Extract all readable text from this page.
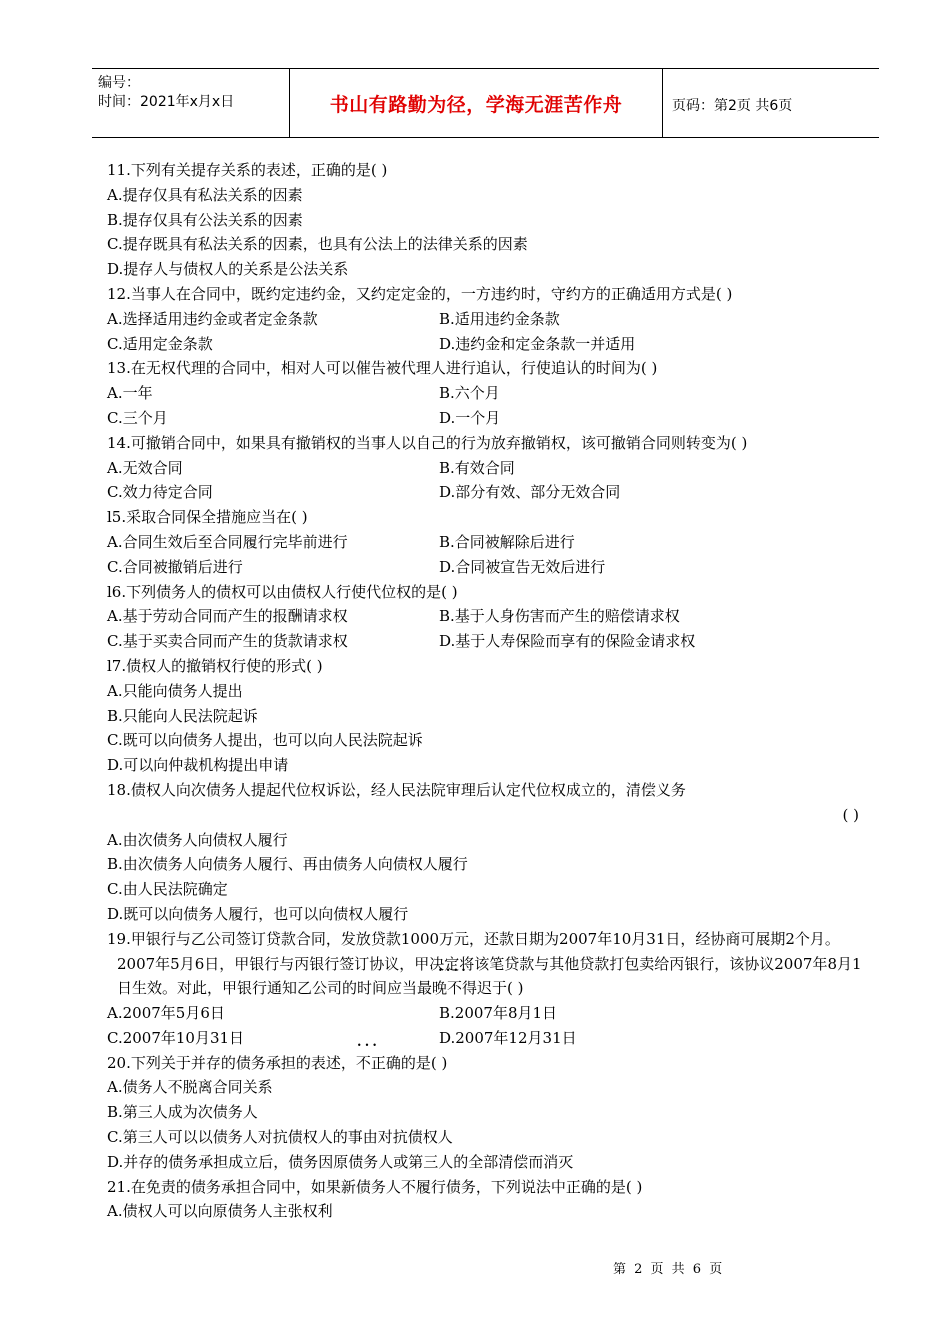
编号：
时间：2021年x月x日	书山有路勤为径，学海无涯苦作舟	页码：第2页 共6页
11.下列有关提存关系的表述，正确的是( )
A.提存仅具有私法关系的因素
B.提存仅具有公法关系的因素
C.提存既具有私法关系的因素，也具有公法上的法律关系的因素
D.提存人与债权人的关系是公法关系
12.当事人在合同中，既约定违约金，又约定定金的，一方违约时，守约方的正确适用方式是( )
A.选择适用违约金或者定金条款	B.适用违约金条款
C.适用定金条款	D.违约金和定金条款一并适用
13.在无权代理的合同中，相对人可以催告被代理人进行追认，行使追认的时间为( )
A.一年	B.六个月
C.三个月	D.一个月
14.可撤销合同中，如果具有撤销权的当事人以自己的行为放弃撤销权，该可撤销合同则转变为( )
A.无效合同	B.有效合同
C.效力待定合同	D.部分有效、部分无效合同
l5.采取合同保全措施应当在( )
A.合同生效后至合同履行完毕前进行	B.合同被解除后进行
C.合同被撤销后进行	D.合同被宣告无效后进行
l6.下列债务人的债权可以由债权人行使代位权的是( )
A.基于劳动合同而产生的报酬请求权	B.基于人身伤害而产生的赔偿请求权
C.基于买卖合同而产生的货款请求权	D.基于人寿保险而享有的保险金请求权
l7.债权人的撤销权行使的形式( )
A.只能向债务人提出
B.只能向人民法院起诉
C.既可以向债务人提出，也可以向人民法院起诉
D.可以向仲裁机构提出申请
18.债权人向次债务人提起代位权诉讼，经人民法院审理后认定代位权成立的，清偿义务
( )
A.由次债务人向债权人履行
B.由次债务人向债务人履行、再由债务人向债权人履行
C.由人民法院确定
D.既可以向债务人履行，也可以向债权人履行
19.甲银行与乙公司签订贷款合同，发放贷款1000万元，还款日期为2007年10月31日，经协商可展期2个月。2007年5月6日，甲银行与丙银行签订协议，甲决定将该笔贷款与其他贷款打包卖给丙银行，该协议2007年8月1日生效。对此，甲银行通知乙公司的时间应当最晚•••• 不得迟于( )
A.2007年5月6日	B.2007年8月1日
C.2007年10月31日	D.2007年12月31日
20.下列关于并存的债务承担的表述，••• 不正确的是( )
A.债务人不脱离合同关系
B.第三人成为次债务人
C.第三人可以以债务人对抗债权人的事由对抗债权人
D.并存的债务承担成立后，债务因原债务人或第三人的全部清偿而消灭
21.在免责的债务承担合同中，如果新债务人不履行债务，下列说法中正确的是( )
A.债权人可以向原债务人主张权利
第 2 页 共 6 页
